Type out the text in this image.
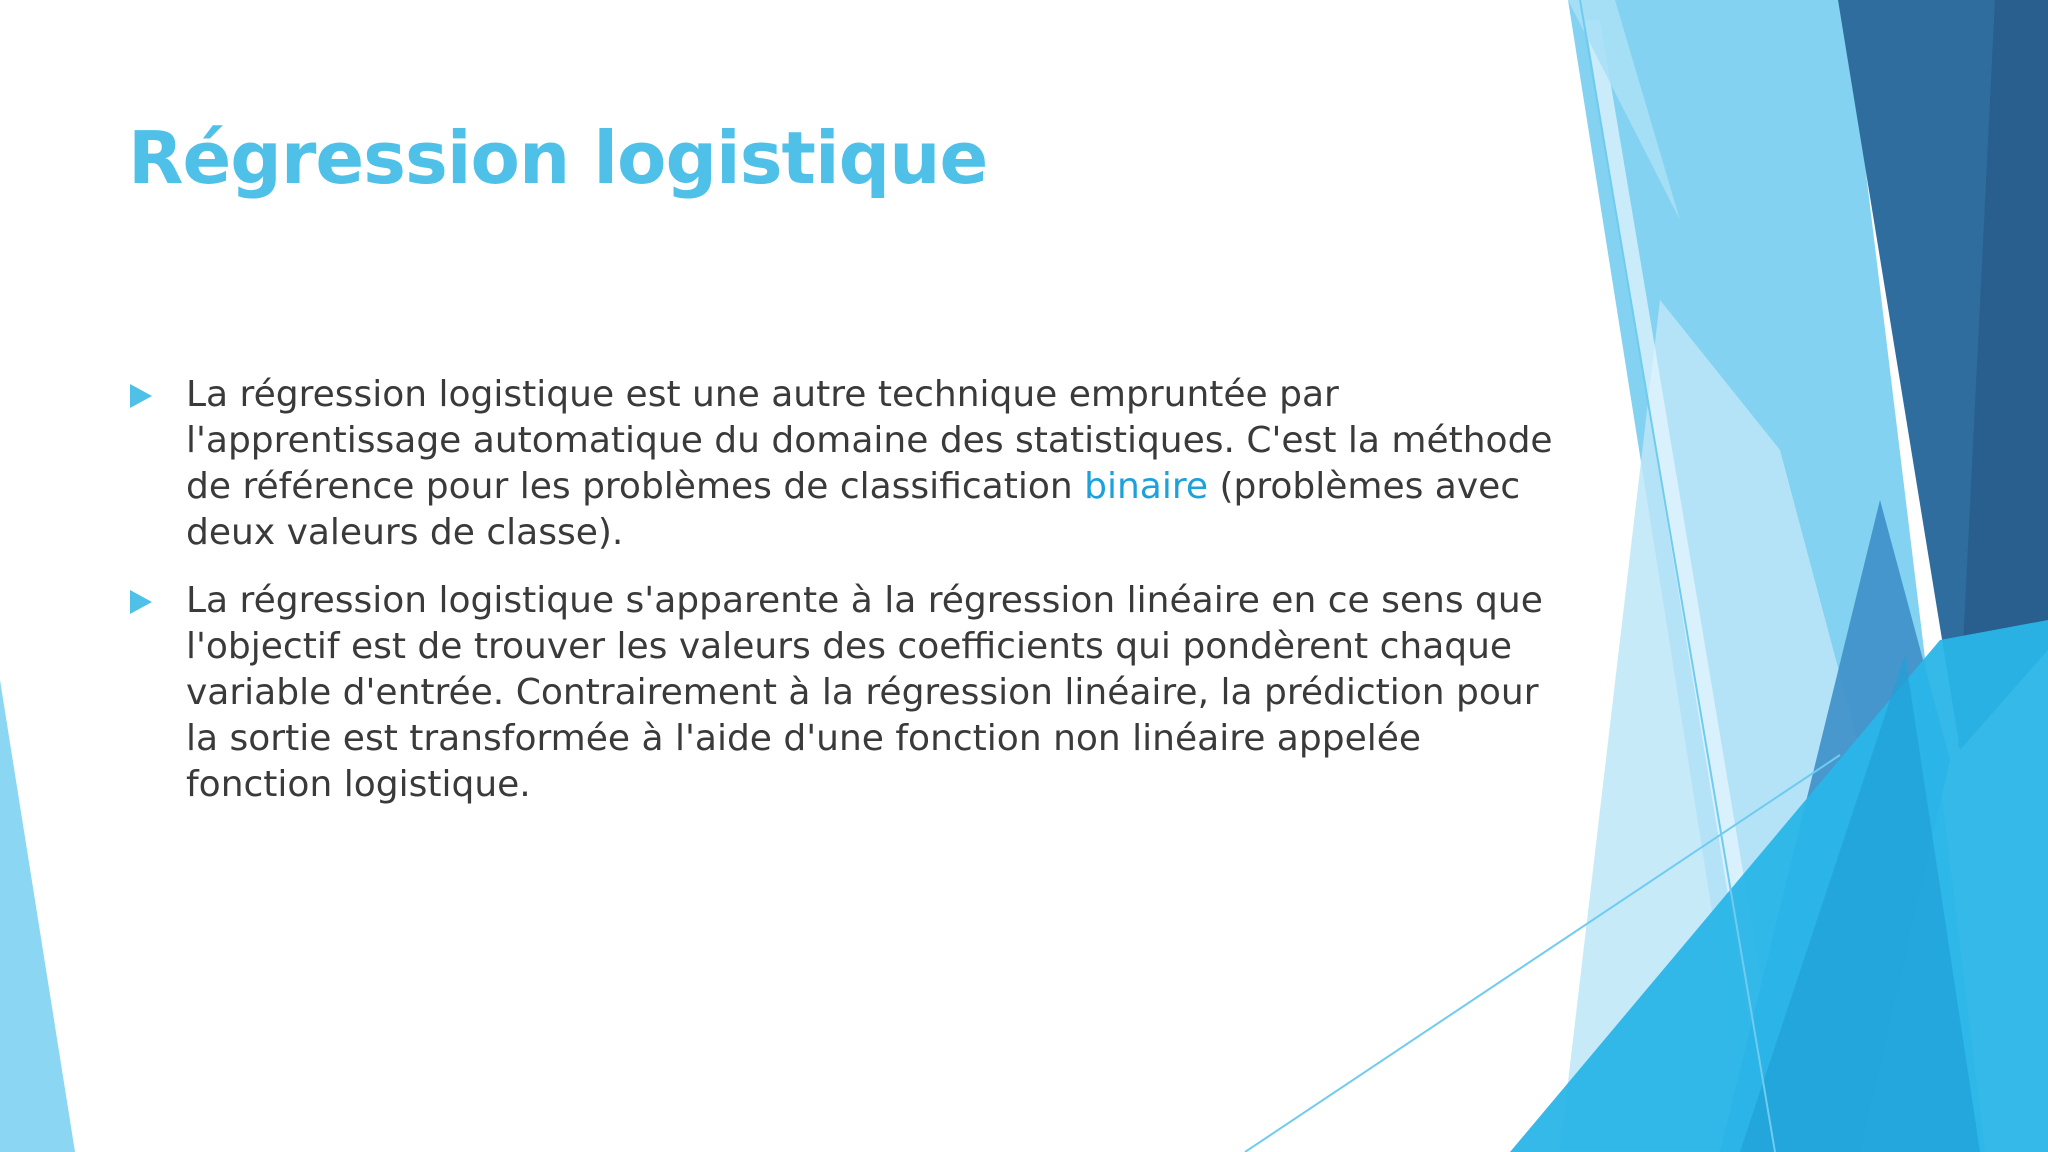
Régression logistique
La régression logistique est une autre technique empruntée par l'apprentissage automatique du domaine des statistiques. C'est la méthode de référence pour les problèmes de classification binaire (problèmes avec deux valeurs de classe).
La régression logistique s'apparente à la régression linéaire en ce sens que l'objectif est de trouver les valeurs des coefficients qui pondèrent chaque variable d'entrée. Contrairement à la régression linéaire, la prédiction pour la sortie est transformée à l'aide d'une fonction non linéaire appelée fonction logistique.
